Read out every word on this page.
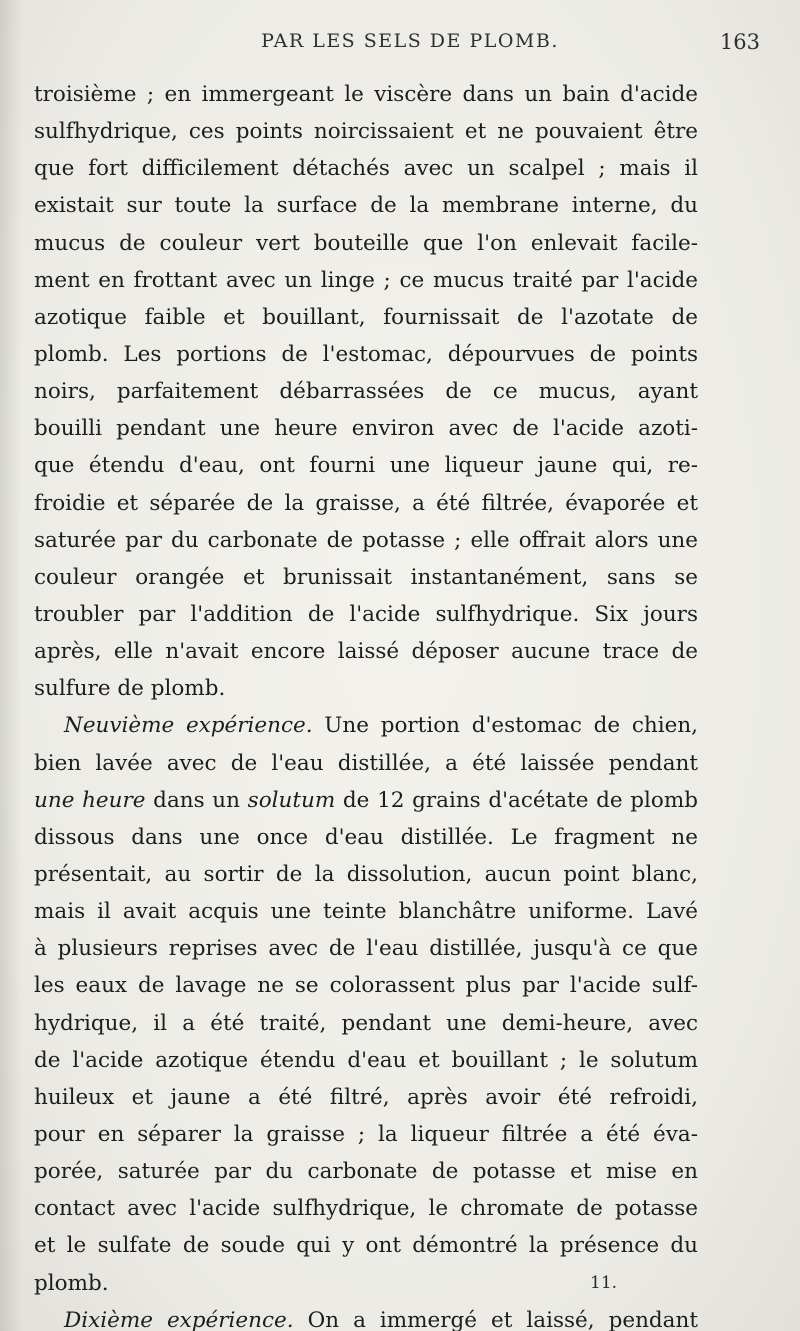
PAR LES SELS DE PLOMB.	163
troisième ; en immergeant le viscère dans un bain d'acide
sulfhydrique, ces points noircissaient et ne pouvaient être
que fort difficilement détachés avec un scalpel ; mais il
existait sur toute la surface de la membrane interne, du
mucus de couleur vert bouteille que l'on enlevait facile-
ment en frottant avec un linge ; ce mucus traité par l'acide
azotique faible et bouillant, fournissait de l'azotate de
plomb. Les portions de l'estomac, dépourvues de points
noirs, parfaitement débarrassées de ce mucus, ayant
bouilli pendant une heure environ avec de l'acide azoti-
que étendu d'eau, ont fourni une liqueur jaune qui, re-
froidie et séparée de la graisse, a été filtrée, évaporée et
saturée par du carbonate de potasse ; elle offrait alors une
couleur orangée et brunissait instantanément, sans se
troubler par l'addition de l'acide sulfhydrique. Six jours
après, elle n'avait encore laissé déposer aucune trace de
sulfure de plomb.
Neuvième expérience. Une portion d'estomac de chien,
bien lavée avec de l'eau distillée, a été laissée pendant
une heure dans un solutum de 12 grains d'acétate de plomb
dissous dans une once d'eau distillée. Le fragment ne
présentait, au sortir de la dissolution, aucun point blanc,
mais il avait acquis une teinte blanchâtre uniforme. Lavé
à plusieurs reprises avec de l'eau distillée, jusqu'à ce que
les eaux de lavage ne se colorassent plus par l'acide sulf-
hydrique, il a été traité, pendant une demi-heure, avec
de l'acide azotique étendu d'eau et bouillant ; le solutum
huileux et jaune a été filtré, après avoir été refroidi,
pour en séparer la graisse ; la liqueur filtrée a été éva-
porée, saturée par du carbonate de potasse et mise en
contact avec l'acide sulfhydrique, le chromate de potasse
et le sulfate de soude qui y ont démontré la présence du
plomb.
Dixième expérience. On a immergé et laissé, pendant
11.
